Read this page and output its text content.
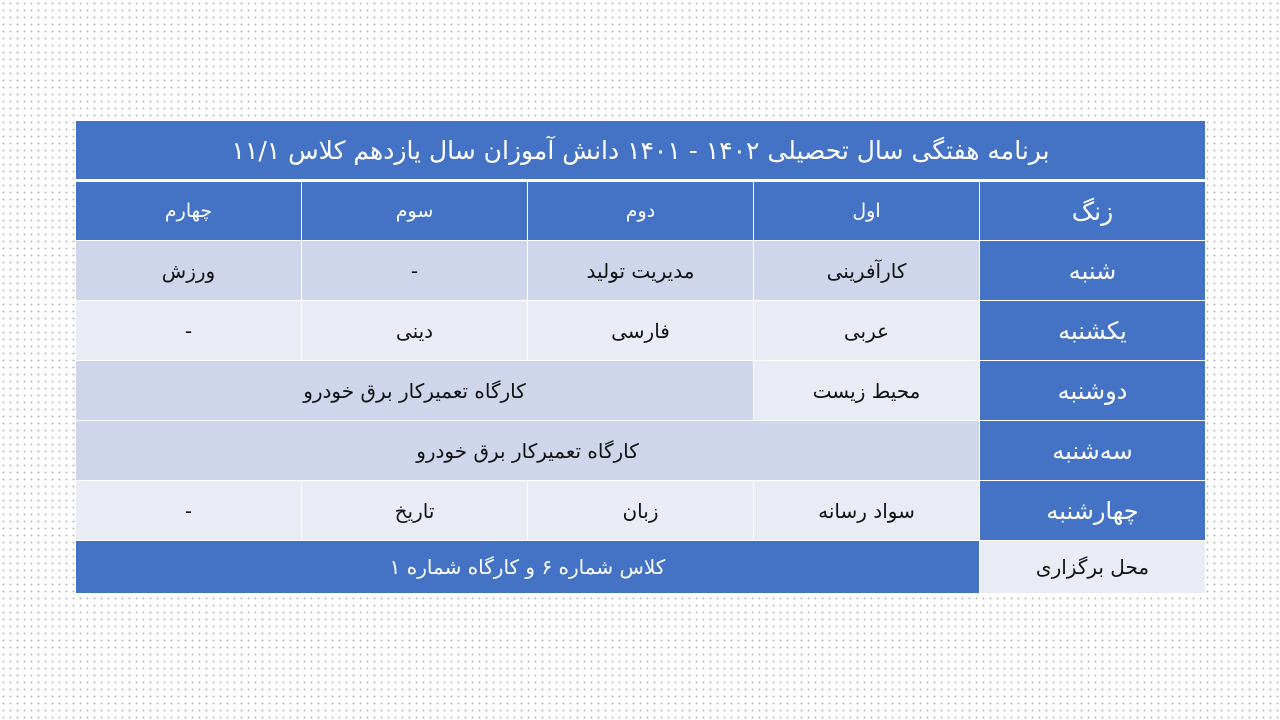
برنامه هفتگی سال تحصیلی ۱۴۰۲ - ۱۴۰۱ دانش آموزان سال یازدهم کلاس ۱۱/۱				
زنگ	اول	دوم	سوم	چهارم
شنبه	کارآفرینی	مدیریت تولید	-	ورزش
یکشنبه	عربی	فارسی	دینی	-
دوشنبه	محیط زیست	کارگاه تعمیرکار برق خودرو		
سه‌شنبه	کارگاه تعمیرکار برق خودرو			
چهارشنبه	سواد رسانه	زبان	تاریخ	-
محل برگزاری	کلاس شماره ۶ و کارگاه شماره ۱			
